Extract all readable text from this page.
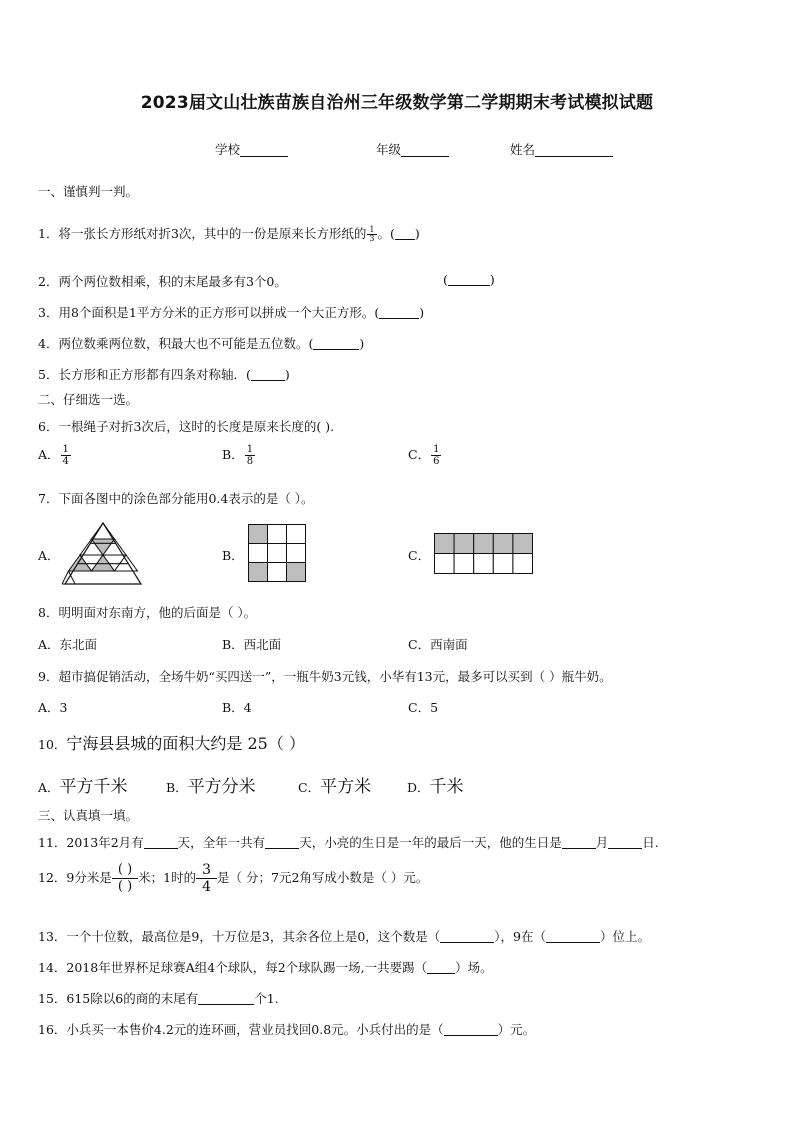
2023届文山壮族苗族自治州三年级数学第二学期期末考试模拟试题
学校	年级	姓名
一、谨慎判一判。
1．将一张长方形纸对折3次，其中的一份是原来长方形纸的 $\frac{1}{3}$ 。( )
2．两个两位数相乘，积的末尾最多有3个0。	(	)
3．用8个面积是1平方分米的正方形可以拼成一个大正方形。(	)
4．两位数乘两位数，积最大也不可能是五位数。(	)
5．长方形和正方形都有四条对称轴．(	)
二、仔细选一选。
6．一根绳子对折3次后，这时的长度是原来长度的( ).
A． $\frac{1}{4}$	B． $\frac{1}{8}$	C． $\frac{1}{6}$
7．下面各图中的涂色部分能用0.4表示的是（ ）。
A．	B．	C．
8．明明面对东南方，他的后面是（ ）。
A．东北面	B．西北面	C．西南面
9．超市搞促销活动，全场牛奶“买四送一”，一瓶牛奶3元钱，小华有13元，最多可以买到（ ）瓶牛奶。
A．3	B．4	C．5
10．宁海县县城的面积大约是 25（ ）
A．平方千米	B．平方分米	C．平方米	D．千米
三、认真填一填。
11．2013年2月有	天，全年一共有	天，小亮的生日是一年的最后一天，他的生日是	月	日.
12．9分米是
( )
( )
米；1时的 $\frac{3}{4}$ 是（ 分；7元2角写成小数是（ ）元。
13．一个十位数，最高位是9，十万位是3，其余各位上是0，这个数是（	），9在（	）位上。
14．2018年世界杯足球赛A组4个球队，每2个球队踢一场,一共要踢（ ）场。
15．615除以6的商的末尾有	个1.
16．小兵买一本售价4.2元的连环画，营业员找回0.8元。小兵付出的是（	）元。
